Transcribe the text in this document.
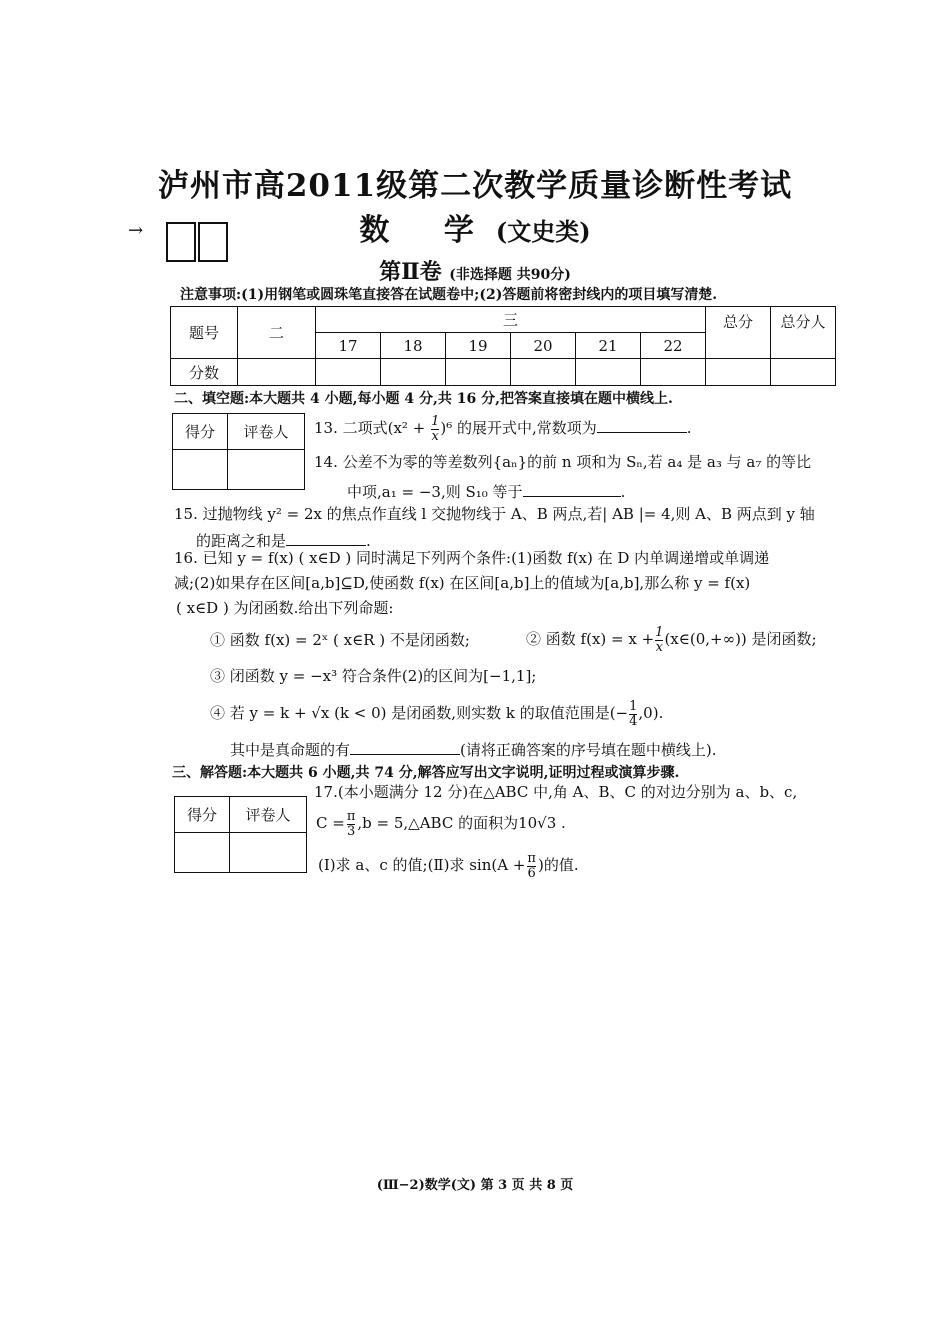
泸州市高2011级第二次教学质量诊断性考试
数 学(文史类)
→
第Ⅱ卷 (非选择题 共90分)
注意事项:(1)用钢笔或圆珠笔直接答在试题卷中;(2)答题前将密封线内的项目填写清楚.
题号	二	三						总分	总分人
		17	18	19	20	21	22		
分数									
二、填空题:本大题共 4 小题,每小题 4 分,共 16 分,把答案直接填在题中横线上.
得分	评卷人
	13. 二项式$(x^2 + \frac{1}{x} )^6$ 的展开式中,常数项为	.
14. 公差不为零的等差数列{aₙ}的前 n 项和为 Sₙ,若 a₄ 是 a₃ 与 a₇ 的等比
中项,a₁ = −3,则 S₁₀ 等于	.
15. 过抛物线 y² = 2x 的焦点作直线 l 交抛物线于 A、B 两点,若| AB |= 4,则 A、B 两点到 y 轴
的距离之和是	.
16. 已知 y = f(x) ( x∈D ) 同时满足下列两个条件:(1)函数 f(x) 在 D 内单调递增或单调递
减;(2)如果存在区间[a,b]⊆D,使函数 f(x) 在区间[a,b]上的值域为[a,b],那么称 y = f(x)
( x∈D ) 为闭函数.给出下列命题:
① 函数 f(x) = 2ˣ ( x∈R ) 不是闭函数;	② 函数 $f(x) = x + \frac{1}{x}$ (x∈(0,+∞)) 是闭函数;
③ 闭函数 y = −x³ 符合条件(2)的区间为[−1,1];
④ 若 y = k + √x (k < 0) 是闭函数,则实数 k 的取值范围是(− $\frac{1}{4} ,0$).
其中是真命题的有	(请将正确答案的序号填在题中横线上).
三、解答题:本大题共 6 小题,共 74 分,解答应写出文字说明,证明过程或演算步骤.
得分	评卷人

17.(本小题满分 12 分)在△ABC 中,角 A、B、C 的对边分别为 a、b、c,
$C = \frac{\pi}{3} ,b$ = 5,△ABC 的面积为10√3 .
(Ⅰ)求 a、c 的值;(Ⅱ)求 $\sin(A + \frac{\pi}{6}$ )的值.
(Ⅲ−2)数学(文) 第 3 页 共 8 页
